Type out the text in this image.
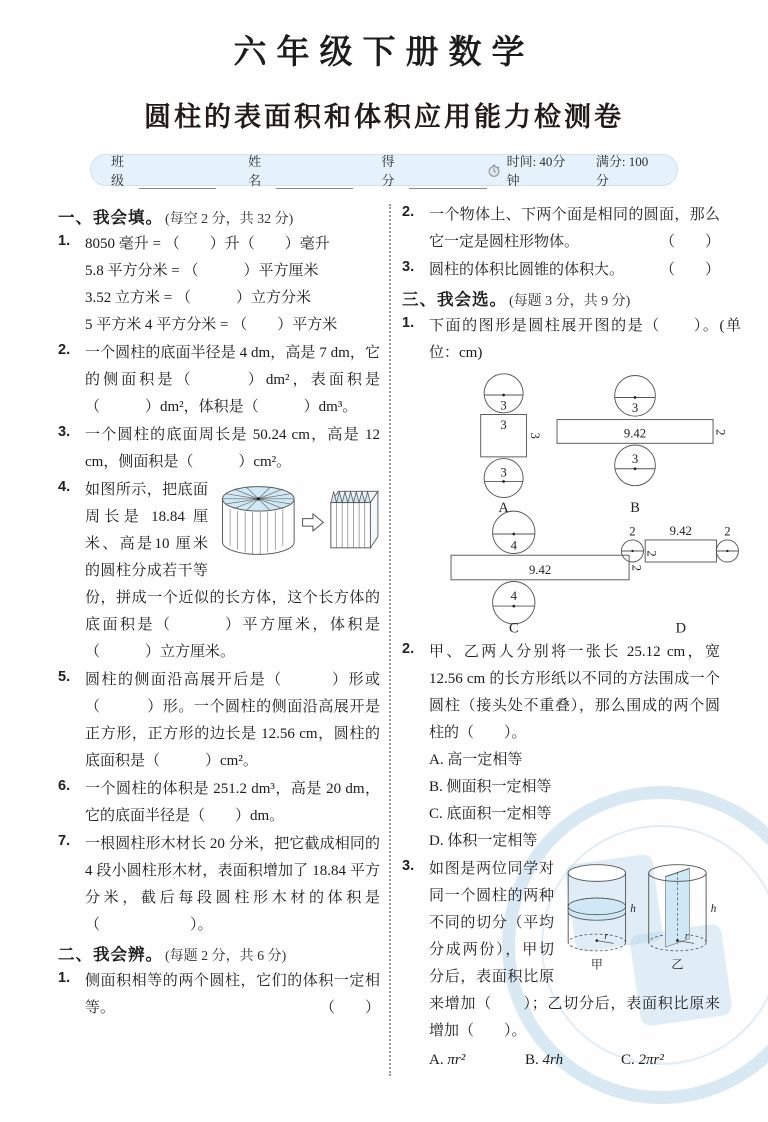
六年级下册数学
圆柱的表面积和体积应用能力检测卷
班级
姓名
得分
时间: 40分钟
满分: 100分
一、 我会填。 (每空 2 分，共 32 分)
1. 8050 毫升 = （　　）升（　　）毫升
5.8 平方分米 = （　　　）平方厘米
3.52 立方米 = （　　　）立方分米
5 平方米 4 平方分米 = （　　）平方米
2. 一个圆柱的底面半径是 4 dm，高是 7 dm，它的侧面积是（　　　）dm²，表面积是（　　　）dm²，体积是（　　　）dm³。
3. 一个圆柱的底面周长是 50.24 cm，高是 12 cm，侧面积是（　　　）cm²。
4. 如图所示，把底面周长是 18.84 厘米、高是10 厘米的圆柱分成若干等份，拼成一个近似的长方体，这个长方体的底面积是（　　　）平方厘米，体积是（　　　）立方厘米。
5. 圆柱的侧面沿高展开后是（　　　）形或（　　　）形。一个圆柱的侧面沿高展开是正方形，正方形的边长是 12.56 cm，圆柱的底面积是（　　　）cm²。
6. 一个圆柱的体积是 251.2 dm³，高是 20 dm，它的底面半径是（　　）dm。
7. 一根圆柱形木材长 20 分米，把它截成相同的 4 段小圆柱形木材，表面积增加了 18.84 平方分米，截后每段圆柱形木材的体积是（　　　　　　）。
二、 我会辨。 (每题 2 分，共 6 分)
1. 侧面积相等的两个圆柱，它们的体积一定相等。	（　　）
2. 一个物体上、下两个面是相同的圆面，那么它一定是圆柱形物体。	（　　）
3. 圆柱的体积比圆锥的体积大。 （　　）
三、 我会选。 (每题 3 分，共 9 分)
1. 下面的图形是圆柱展开图的是（　　）。(单位：cm)
3
3
3
3
3
9.42	2
3
4
9.42	2
4
2 9.42
2
2
A	B
C	D
2. 甲、乙两人分别将一张长 25.12 cm，宽 12.56 cm 的长方形纸以不同的方法围成一个圆柱（接头处不重叠），那么围成的两个圆柱的（　　）。
A. 高一定相等
B. 侧面积一定相等
C. 底面积一定相等
D. 体积一定相等
3.
r
h
甲
r
h
乙
如图是两位同学对同一个圆柱的两种不同的切分（平均分成两份），甲切分后，表面积比原来增加（　　）；乙切分后，表面积比原来增加（　　）。
A. πr²	B. 4rh	C. 2πr²
